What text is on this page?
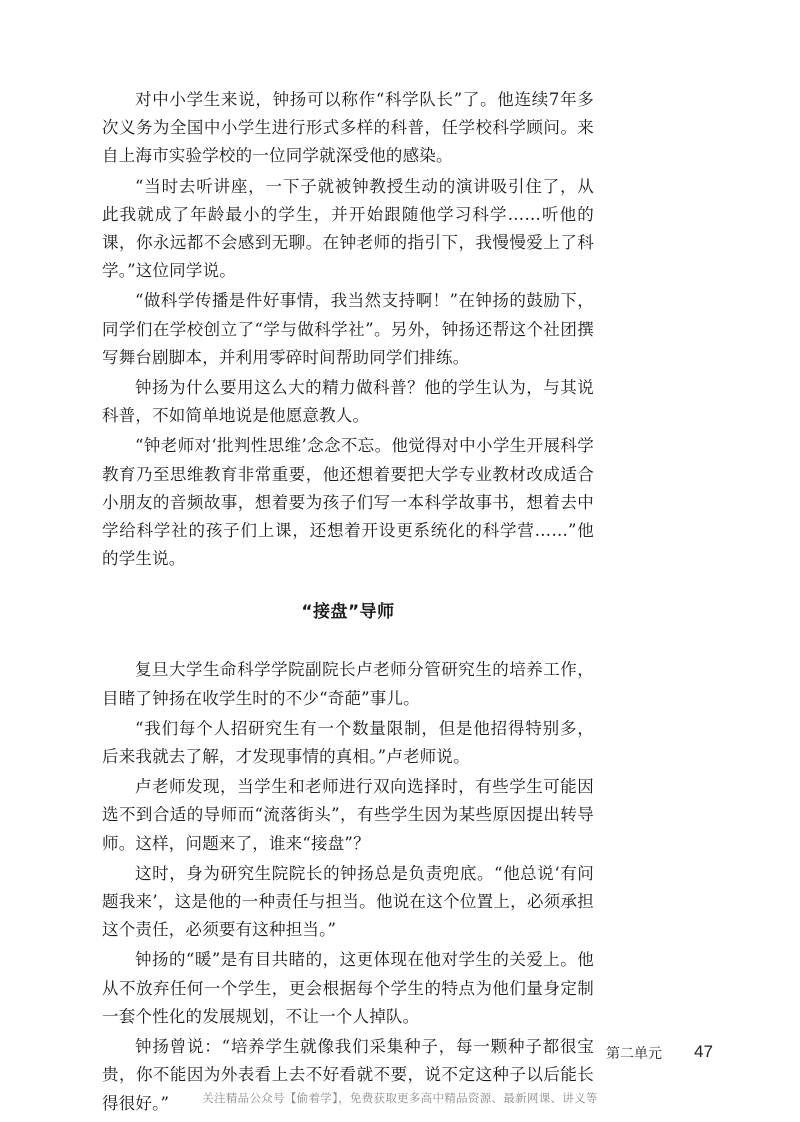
对中小学生来说，钟扬可以称作“科学队长”了。他连续7年多次义务为全国中小学生进行形式多样的科普，任学校科学顾问。来自上海市实验学校的一位同学就深受他的感染。

“当时去听讲座，一下子就被钟教授生动的演讲吸引住了，从此我就成了年龄最小的学生，并开始跟随他学习科学……听他的课，你永远都不会感到无聊。在钟老师的指引下，我慢慢爱上了科学。”这位同学说。

“做科学传播是件好事情，我当然支持啊！”在钟扬的鼓励下，同学们在学校创立了“学与做科学社”。另外，钟扬还帮这个社团撰写舞台剧脚本，并利用零碎时间帮助同学们排练。

钟扬为什么要用这么大的精力做科普？他的学生认为，与其说科普，不如简单地说是他愿意教人。

“钟老师对‘批判性思维’念念不忘。他觉得对中小学生开展科学教育乃至思维教育非常重要，他还想着要把大学专业教材改成适合小朋友的音频故事，想着要为孩子们写一本科学故事书，想着去中学给科学社的孩子们上课，还想着开设更系统化的科学营……”他的学生说。

“接盘”导师

复旦大学生命科学学院副院长卢老师分管研究生的培养工作，目睹了钟扬在收学生时的不少“奇葩”事儿。

“我们每个人招研究生有一个数量限制，但是他招得特别多，后来我就去了解，才发现事情的真相。”卢老师说。

卢老师发现，当学生和老师进行双向选择时，有些学生可能因选不到合适的导师而“流落街头”，有些学生因为某些原因提出转导师。这样，问题来了，谁来“接盘”？

这时，身为研究生院院长的钟扬总是负责兜底。“他总说‘有问题我来’，这是他的一种责任与担当。他说在这个位置上，必须承担这个责任，必须要有这种担当。”

钟扬的“暖”是有目共睹的，这更体现在他对学生的关爱上。他从不放弃任何一个学生，更会根据每个学生的特点为他们量身定制一套个性化的发展规划，不让一个人掉队。

钟扬曾说：“培养学生就像我们采集种子，每一颗种子都很宝贵，你不能因为外表看上去不好看就不要，说不定这种子以后能长得很好。”

第二单元 47
关注精品公众号【偷着学】，免费获取更多高中精品资源、最新网课、讲义等
